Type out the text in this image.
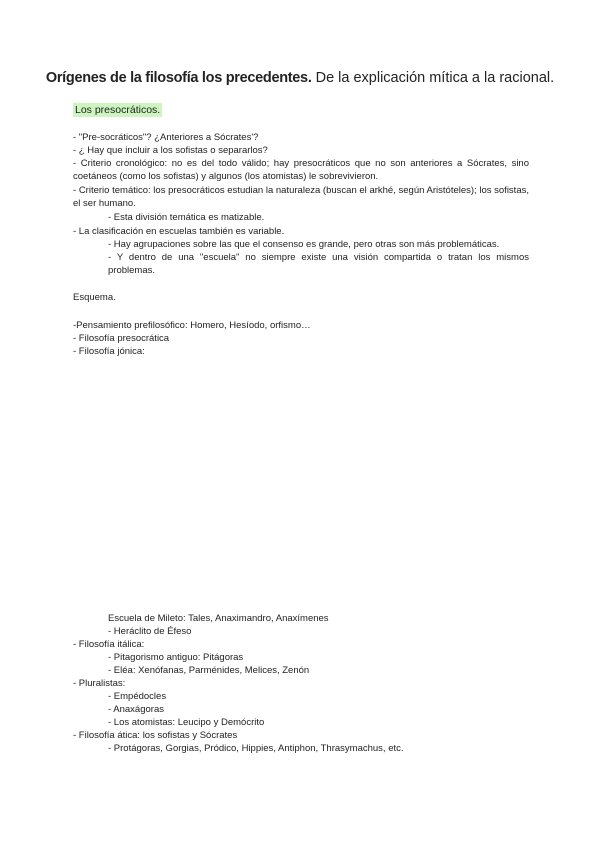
Orígenes de la filosofía los precedentes. De la explicación mítica a la racional.
Los presocráticos.
- "Pre-socráticos"? ¿Anteriores a Sócrates'?
- ¿ Hay que incluir a los sofistas o separarlos?
- Criterio cronológico: no es del todo válido; hay presocráticos que no son anteriores a Sócrates, sino coetáneos (como los sofistas) y algunos (los atomistas) le sobrevivieron.
- Criterio temático: los presocráticos estudian la naturaleza (buscan el arkhé, según Aristóteles); los sofistas, el ser humano.
- Esta división temática es matizable.
- La clasificación en escuelas también es variable.
- Hay agrupaciones sobre las que el consenso es grande, pero otras son más problemáticas.
- Y dentro de una "escuela" no siempre existe una visión compartida o tratan los mismos problemas.
Esquema.
-Pensamiento prefilosófico: Homero, Hesíodo, orfismo…
- Filosofía presocrática
- Filosofía jónica:
Escuela de Mileto: Tales, Anaximandro, Anaxímenes
- Heráclito de Éfeso
- Filosofía itálica:
- Pitagorismo antiguo: Pitágoras
- Eléa: Xenófanas, Parménides, Melices, Zenón
- Pluralistas:
- Empédocles
- Anaxágoras
- Los atomistas: Leucipo y Demócrito
- Filosofía ática: los sofistas y Sócrates
- Protágoras, Gorgias, Pródico, Hippies, Antiphon, Thrasymachus, etc.
